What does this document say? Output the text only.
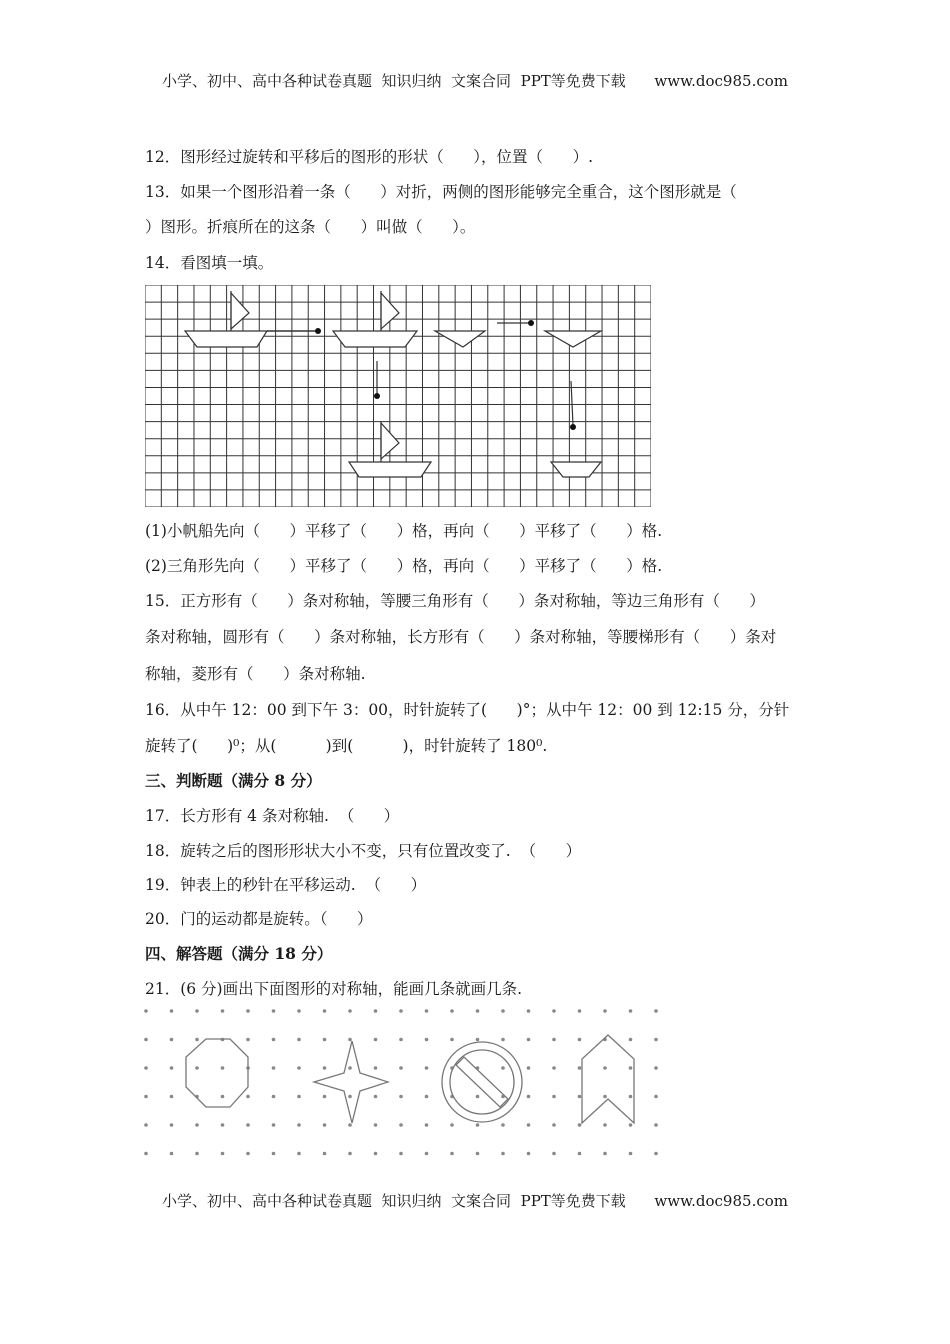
小学、初中、高中各种试卷真题  知识归纳  文案合同  PPT等免费下载      www.doc985.com
12．图形经过旋转和平移后的图形的形状（      ），位置（      ）.
13．如果一个图形沿着一条（      ）对折，两侧的图形能够完全重合，这个图形就是（
）图形。折痕所在的这条（      ）叫做（      ）。
14．看图填一填。
(1)小帆船先向（      ）平移了（      ）格，再向（      ）平移了（      ）格.
(2)三角形先向（      ）平移了（      ）格，再向（      ）平移了（      ）格.
15．正方形有（      ）条对称轴，等腰三角形有（      ）条对称轴，等边三角形有（      ）
条对称轴，圆形有（      ）条对称轴，长方形有（      ）条对称轴，等腰梯形有（      ）条对
称轴，菱形有（      ）条对称轴.
16．从中午 12：00 到下午 3：00，时针旋转了(      )°；从中午 12：00 到 12:15 分，分针
旋转了(      )⁰；从(          )到(          )，时针旋转了 180⁰.
三、判断题（满分 8 分）
17．长方形有 4 条对称轴.  （      ）
18．旋转之后的图形形状大小不变，只有位置改变了.  （      ）
19．钟表上的秒针在平移运动.  （      ）
20．门的运动都是旋转。（      ）
四、解答题（满分 18 分）
21．(6 分)画出下面图形的对称轴，能画几条就画几条.
小学、初中、高中各种试卷真题  知识归纳  文案合同  PPT等免费下载      www.doc985.com
